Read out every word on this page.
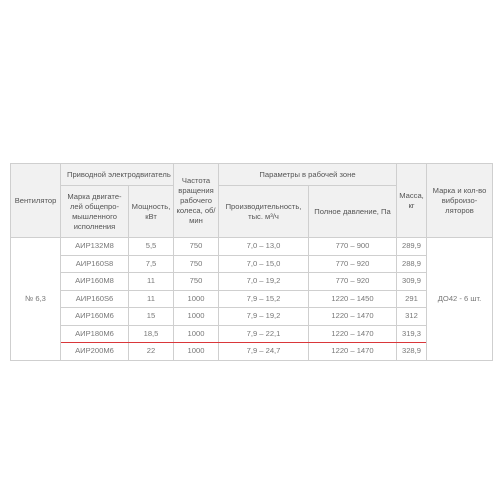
Вентилятор	Приводной электродвигатель		Частота вращения рабочего колеса, об/мин	Параметры в рабочей зоне		Масса, кг	Марка и кол-во виброизо-ляторов
	Марка двигате-лей общепро-мышленного исполнения	Мощность, кВт		Производительность, тыс. м³/ч	Полное давление, Па		
№ 6,3	АИР132М8	5,5	750	7,0 – 13,0	770 – 900	289,9	ДО42 - 6 шт.
	АИР160S8	7,5	750	7,0 – 15,0	770 – 920	288,9	
	АИР160М8	11	750	7,0 – 19,2	770 – 920	309,9	
	АИР160S6	11	1000	7,9 – 15,2	1220 – 1450	291	
	АИР160М6	15	1000	7,9 – 19,2	1220 – 1470	312	
	АИР180М6	18,5	1000	7,9 – 22,1	1220 – 1470	319,3	
	АИР200М6	22	1000	7,9 – 24,7	1220 – 1470	328,9	
